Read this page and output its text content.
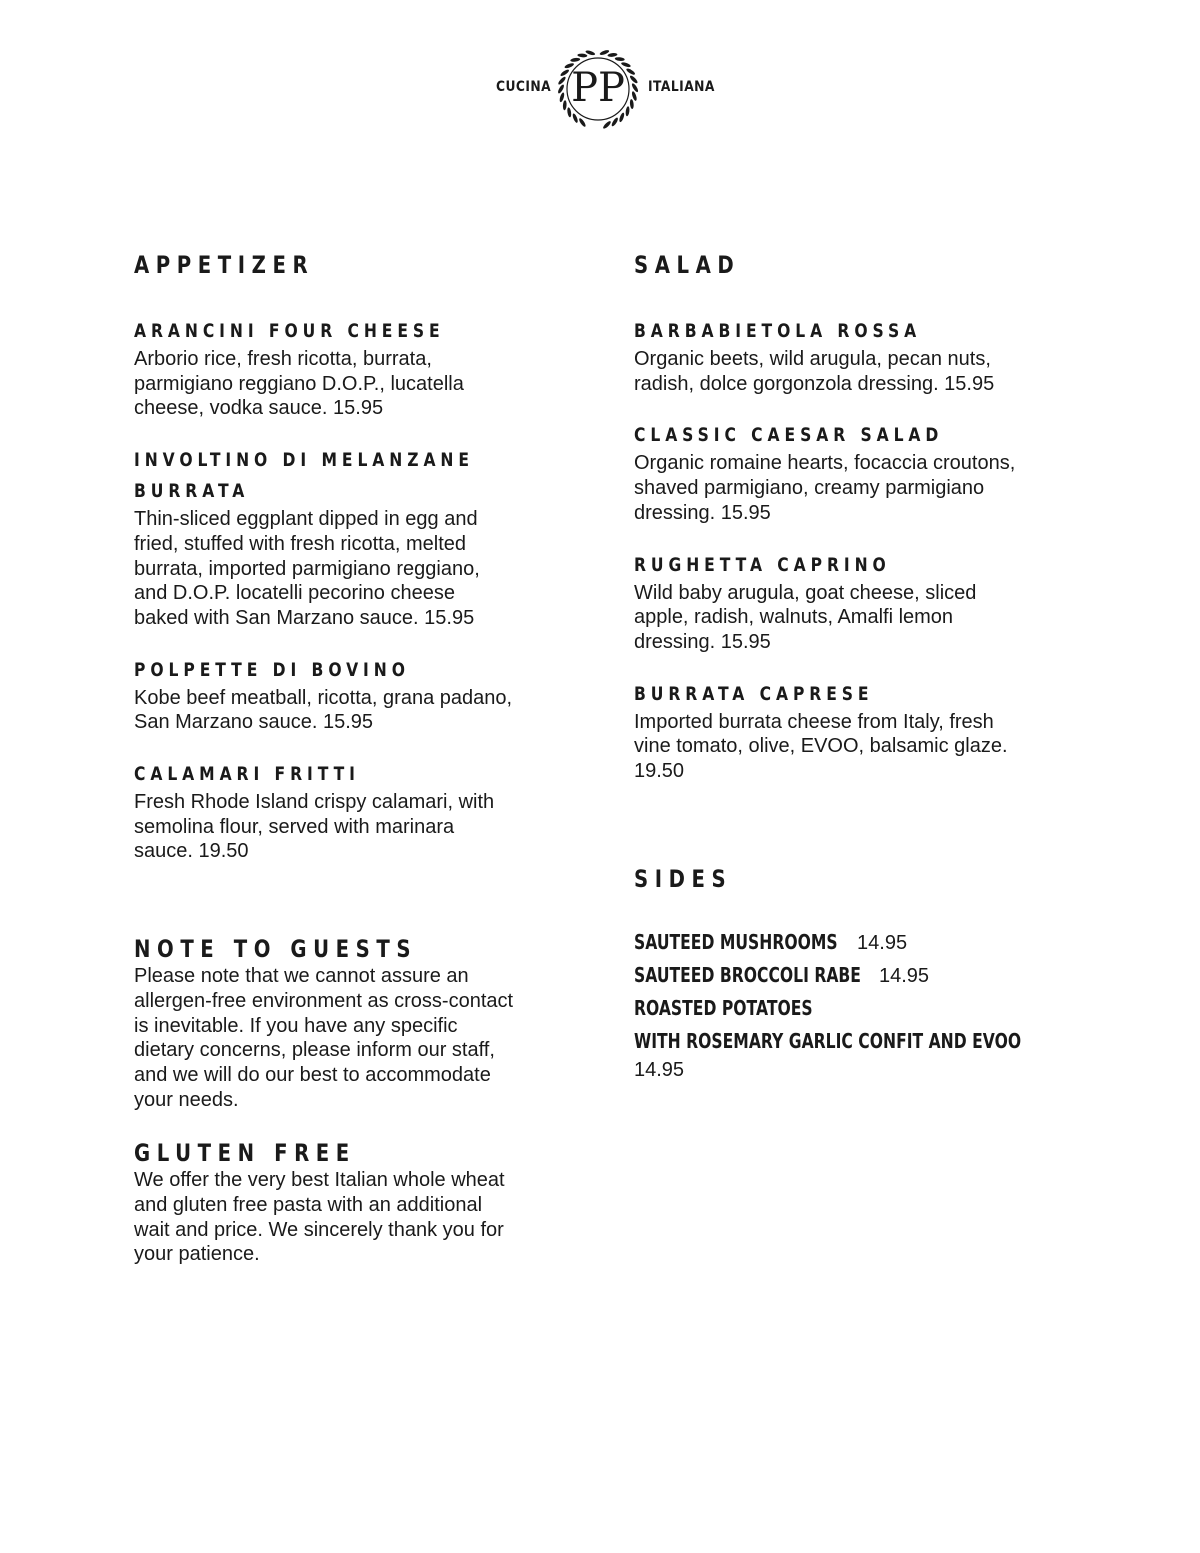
CUCINA PP ITALIANA
APPETIZER
ARANCINI FOUR CHEESE

Arborio rice, fresh ricotta, burrata,
parmigiano reggiano D.O.P., lucatella
cheese, vodka sauce. 15.95

INVOLTINO DI MELANZANE
BURRATA

Thin-sliced eggplant dipped in egg and
fried, stuffed with fresh ricotta, melted
burrata, imported parmigiano reggiano,
and D.O.P. locatelli pecorino cheese
baked with San Marzano sauce. 15.95

POLPETTE DI BOVINO

Kobe beef meatball, ricotta, grana padano,
San Marzano sauce. 15.95

CALAMARI FRITTI

Fresh Rhode Island crispy calamari, with
semolina flour, served with marinara
sauce. 19.50

NOTE TO GUESTS

Please note that we cannot assure an
allergen-free environment as cross-contact
is inevitable. If you have any specific
dietary concerns, please inform our staff,
and we will do our best to accommodate
your needs.

GLUTEN FREE

We offer the very best Italian whole wheat
and gluten free pasta with an additional
wait and price. We sincerely thank you for
your patience.

SALAD
BARBABIETOLA ROSSA

Organic beets, wild arugula, pecan nuts,
radish, dolce gorgonzola dressing. 15.95

CLASSIC CAESAR SALAD

Organic romaine hearts, focaccia croutons,
shaved parmigiano, creamy parmigiano
dressing. 15.95

RUGHETTA CAPRINO

Wild baby arugula, goat cheese, sliced
apple, radish, walnuts, Amalfi lemon
dressing. 15.95

BURRATA CAPRESE

Imported burrata cheese from Italy, fresh
vine tomato, olive, EVOO, balsamic glaze.
19.50

SIDES
SAUTEED MUSHROOMS 14.95
SAUTEED BROCCOLI RABE 14.95
ROASTED POTATOES
WITH ROSEMARY GARLIC CONFIT AND EVOO
14.95
